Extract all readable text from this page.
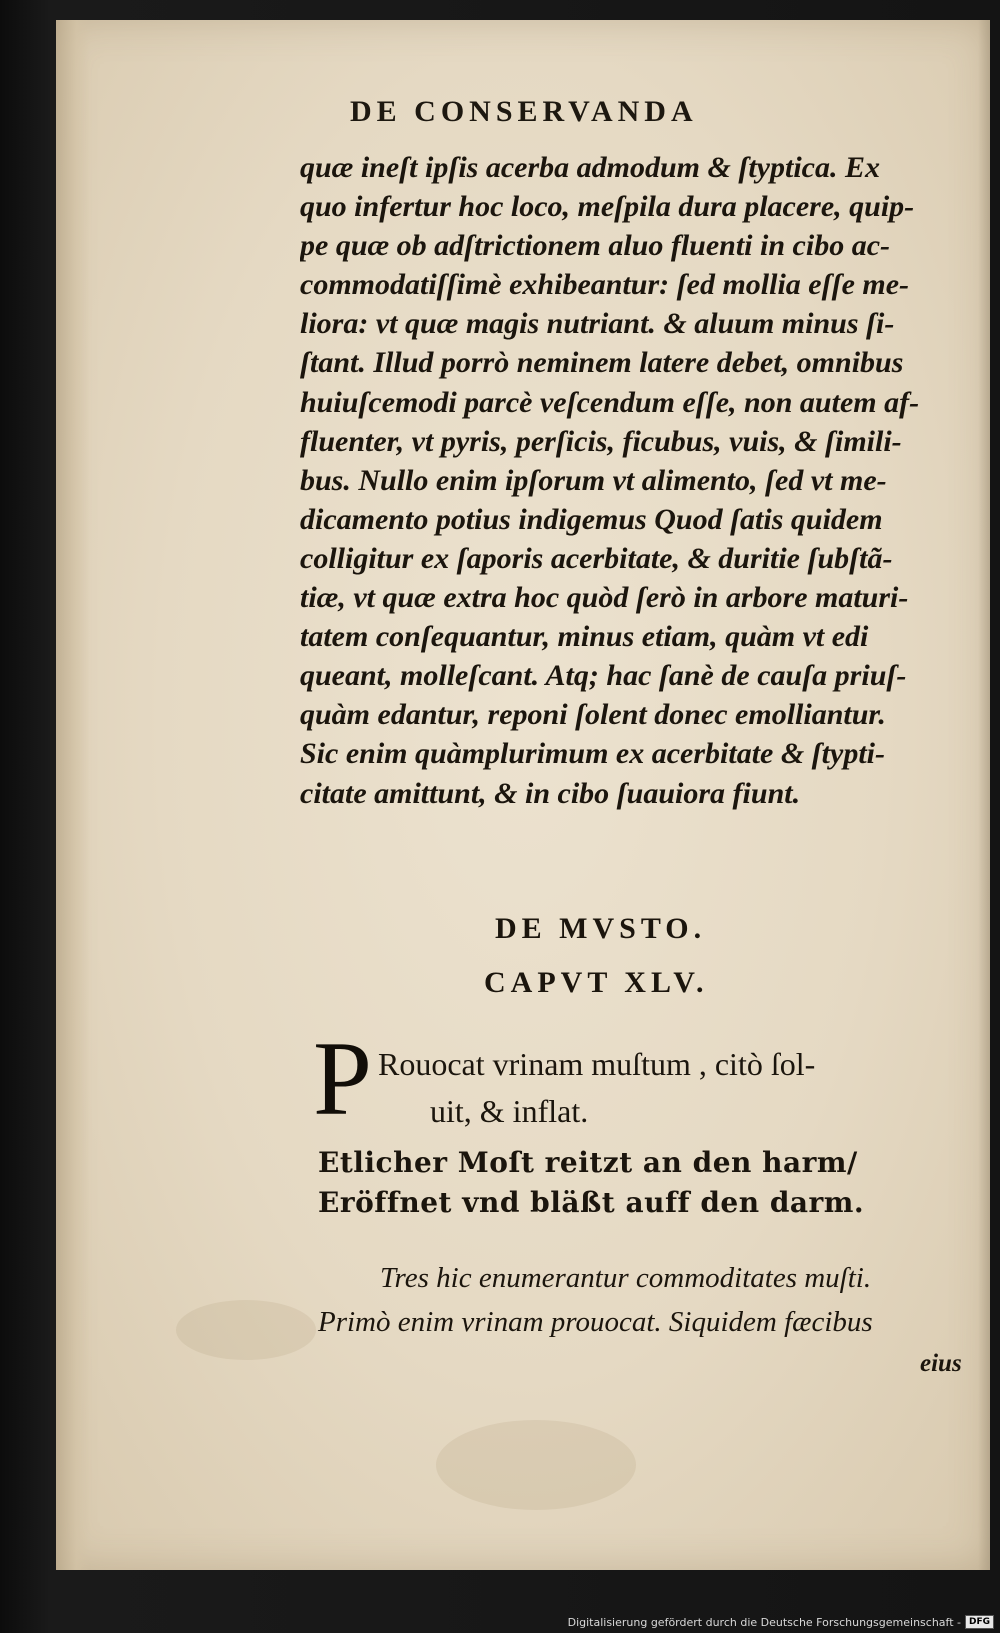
DE CONSERVANDA
quæ ineſt ipſis acerba admodum & ſtyptica. Ex
quo infertur hoc loco, meſpila dura placere, quip-
pe quæ ob adſtrictionem aluo fluenti in cibo ac-
commodatiſſimè exhibeantur: ſed mollia eſſe me-
liora: vt quæ magis nutriant. & aluum minus ſi-
ſtant. Illud porrò neminem latere debet, omnibus
huiuſcemodi parcè veſcendum eſſe, non autem af-
fluenter, vt pyris, perſicis, ficubus, vuis, & ſimili-
bus. Nullo enim ipſorum vt alimento, ſed vt me-
dicamento potius indigemus Quod ſatis quidem
colligitur ex ſaporis acerbitate, & duritie ſubſtã-
tiæ, vt quæ extra hoc quòd ſerò in arbore maturi-
tatem conſequantur, minus etiam, quàm vt edi
queant, molleſcant. Atq; hac ſanè de cauſa priuſ-
quàm edantur, reponi ſolent donec emolliantur.
Sic enim quàmplurimum ex acerbitate & ſtypti-
citate amittunt, & in cibo ſuauiora fiunt.
DE MVSTO.
CAPVT XLV.
P Rouocat vrinam muſtum , citò ſol-
uit, & inflat.
Etlicher Moſt reitzt an den harm/
Eröffnet vnd bläßt auff den darm.
Tres hic enumerantur commoditates muſti.
Primò enim vrinam prouocat. Siquidem fæcibus
eius
Digitalisierung gefördert durch die Deutsche Forschungsgemeinschaft - DFG
